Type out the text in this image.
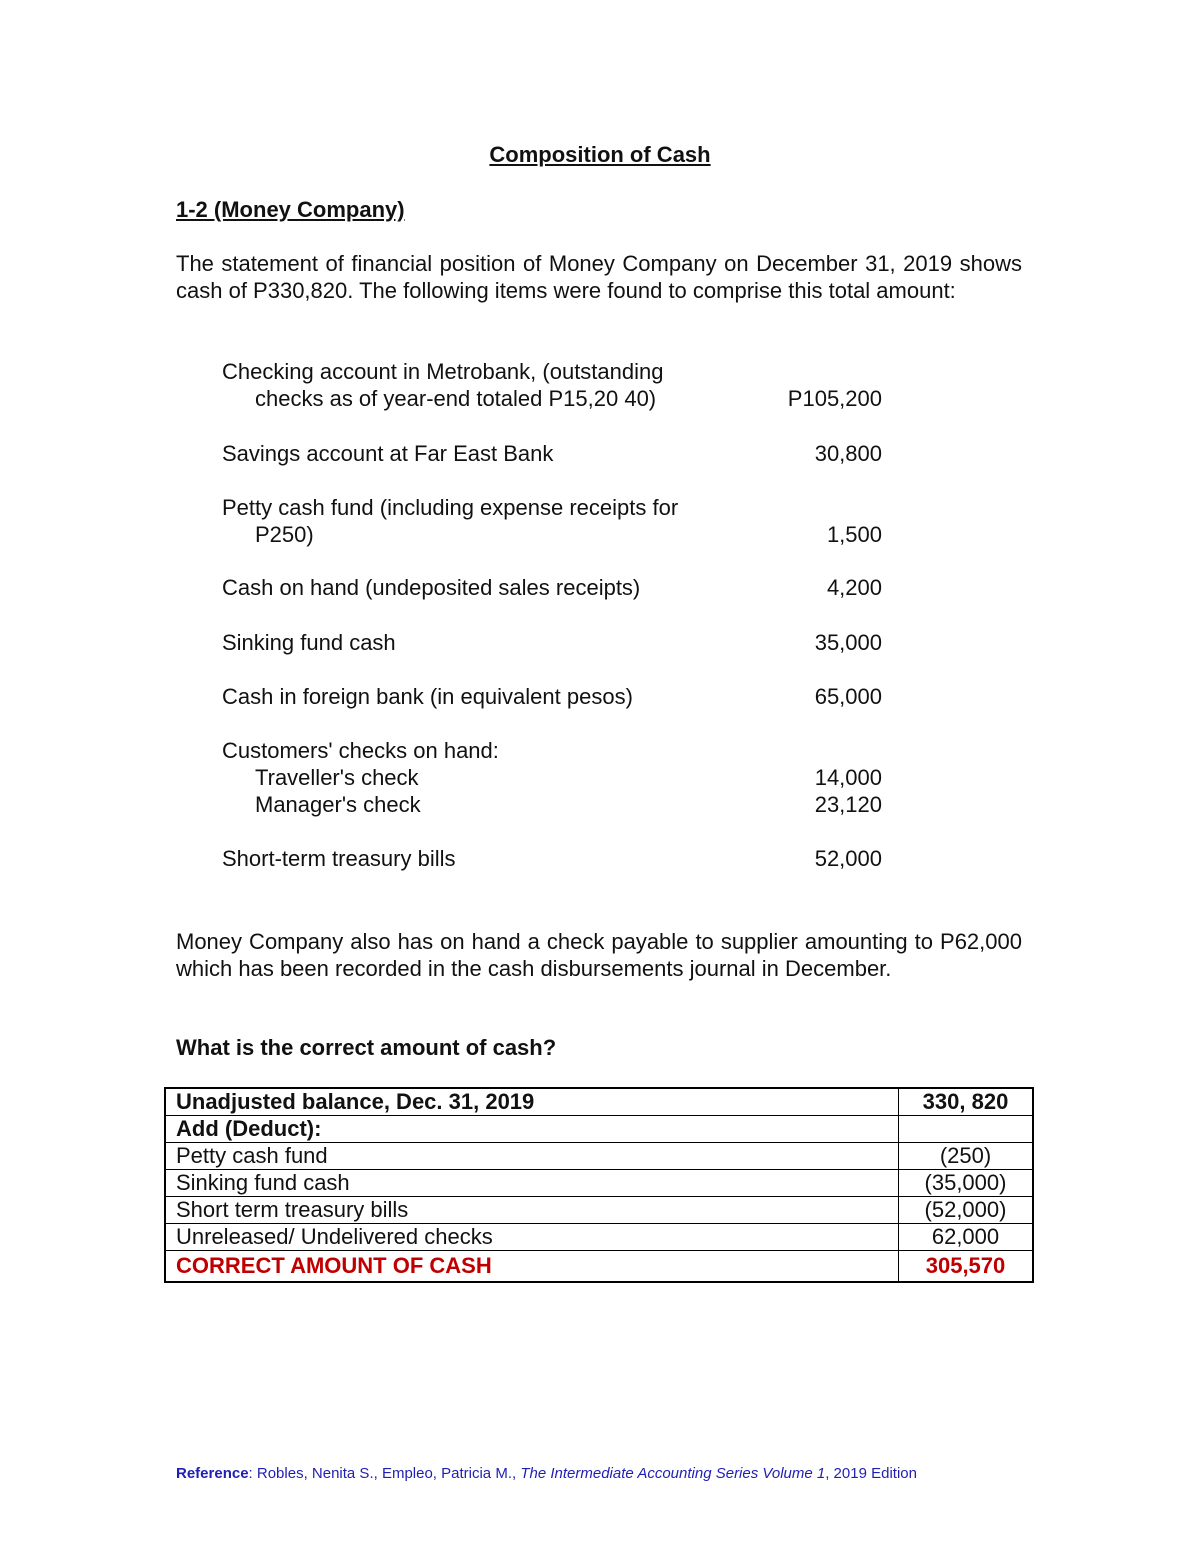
Composition of Cash
1-2 (Money Company)
The statement of financial position of Money Company on December 31, 2019 shows cash of P330,820. The following items were found to comprise this total amount:
Checking account in Metrobank, (outstanding
checks as of year-end totaled P15,20 40)	P105,200
Savings account at Far East Bank	30,800
Petty cash fund (including expense receipts for
P250)	1,500
Cash on hand (undeposited sales receipts)	4,200
Sinking fund cash	35,000
Cash in foreign bank (in equivalent pesos)	65,000
Customers' checks on hand:
Traveller's check	14,000
Manager's check	23,120
Short-term treasury bills	52,000
Money Company also has on hand a check payable to supplier amounting to P62,000 which has been recorded in the cash disbursements journal in December.
What is the correct amount of cash?
Unadjusted balance, Dec. 31, 2019	330, 820
Add (Deduct):	
Petty cash fund	(250)
Sinking fund cash	(35,000)
Short term treasury bills	(52,000)
Unreleased/ Undelivered checks	62,000
CORRECT AMOUNT OF CASH	305,570
Reference: Robles, Nenita S., Empleo, Patricia M., The Intermediate Accounting Series Volume 1, 2019 Edition
